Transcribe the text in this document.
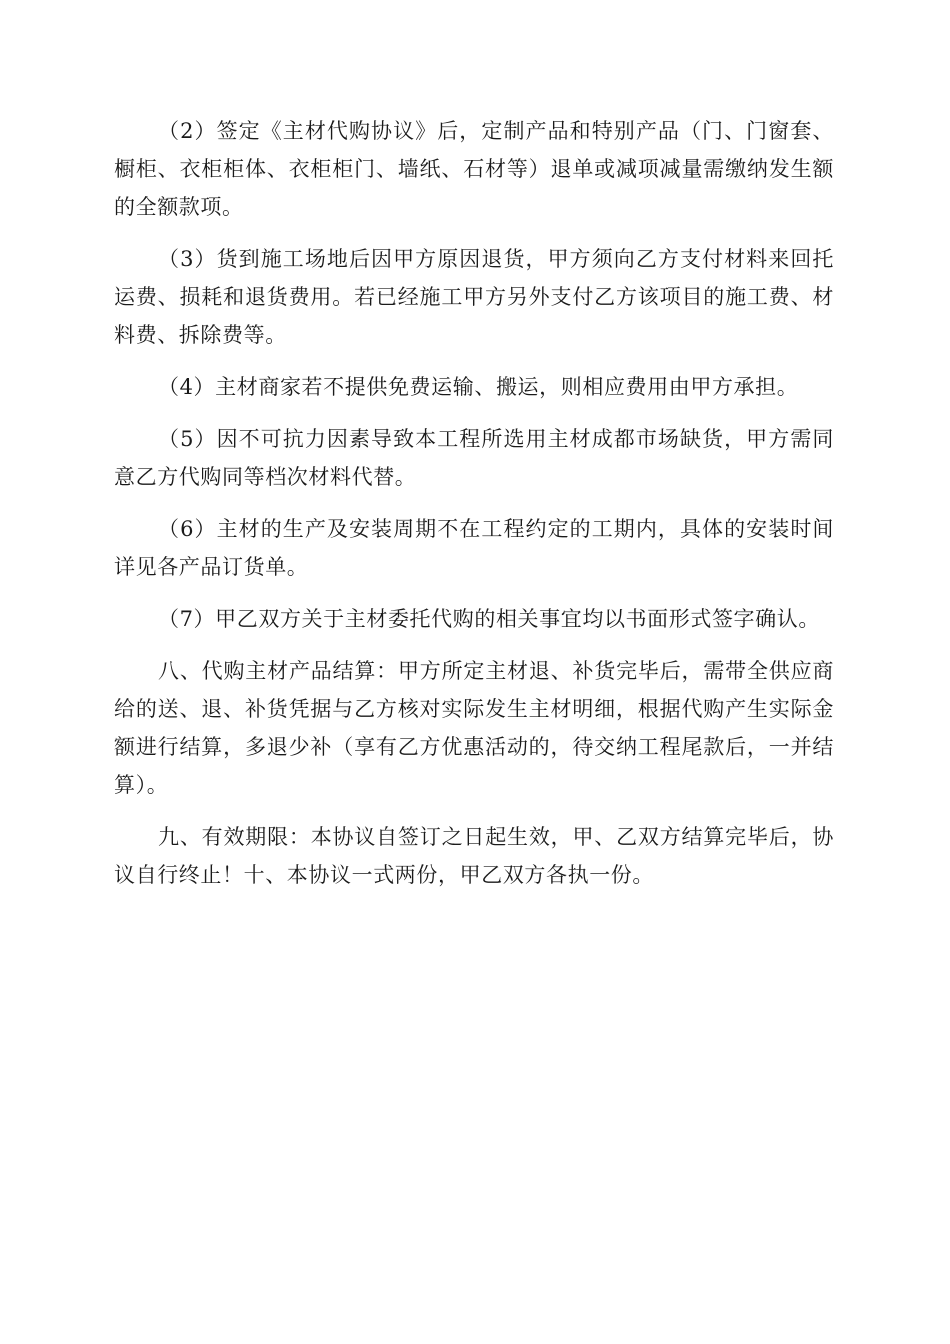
（2）签定《主材代购协议》后，定制产品和特别产品（门、门窗套、橱柜、衣柜柜体、衣柜柜门、墙纸、石材等）退单或减项减量需缴纳发生额的全额款项。

（3）货到施工场地后因甲方原因退货，甲方须向乙方支付材料来回托运费、损耗和退货费用。若已经施工甲方另外支付乙方该项目的施工费、材料费、拆除费等。

（4）主材商家若不提供免费运输、搬运，则相应费用由甲方承担。

（5）因不可抗力因素导致本工程所选用主材成都市场缺货，甲方需同意乙方代购同等档次材料代替。

（6）主材的生产及安装周期不在工程约定的工期内，具体的安装时间详见各产品订货单。

（7）甲乙双方关于主材委托代购的相关事宜均以书面形式签字确认。

八、代购主材产品结算：甲方所定主材退、补货完毕后，需带全供应商给的送、退、补货凭据与乙方核对实际发生主材明细，根据代购产生实际金额进行结算，多退少补（享有乙方优惠活动的，待交纳工程尾款后，一并结算）。

九、有效期限：本协议自签订之日起生效，甲、乙双方结算完毕后，协议自行终止！十、本协议一式两份，甲乙双方各执一份。
